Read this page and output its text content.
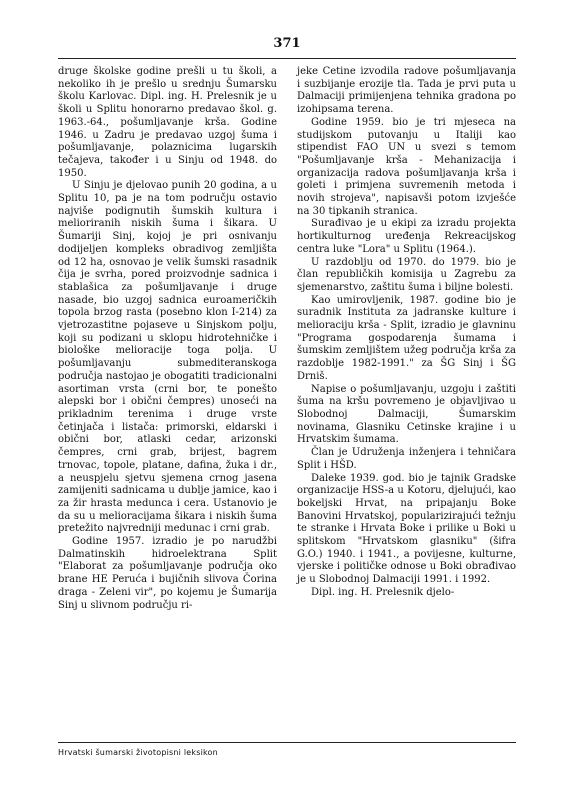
371

druge školske godine prešli u tu školi, a nekoliko ih je prešlo u srednju Šumarsku školu Karlovac. Dipl. ing. H. Prelesnik je u školi u Splitu honorarno predavao škol. g. 1963.-64., pošumljavanje krša. Godine 1946. u Zadru je predavao uzgoj šuma i pošumljavanje, polaznicima lugarskih tečajeva, također i u Sinju od 1948. do 1950.

U Sinju je djelovao punih 20 godina, a u Splitu 10, pa je na tom području ostavio najviše podignutih šumskih kultura i melioriranih niskih šuma i šikara. U Šumariji Sinj, kojoj je pri osnivanju dodijeljen kompleks obradivog zemljišta od 12 ha, osnovao je velik šumski rasadnik čija je svrha, pored proizvodnje sadnica i stablašica za pošumljavanje i druge nasade, bio uzgoj sadnica euroameričkih topola brzog rasta (posebno klon I-214) za vjetrozastitne pojaseve u Sinjskom polju, koji su podizani u sklopu hidrotehničke i biološke melioracije toga polja. U pošumljavanju submediteranskoga područja nastojao je obogatiti tradicionalni asortiman vrsta (crni bor, te ponešto alepski bor i obični čempres) unoseći na prikladnim terenima i druge vrste četinjača i listača: primorski, eldarski i obični bor, atlaski cedar, arizonski čempres, crni grab, brijest, bagrem trnovac, topole, platane, dafina, žuka i dr., a neuspjelu sjetvu sjemena crnog jasena zamijeniti sadnicama u dublje jamice, kao i za žir hrasta medunca i cera. Ustanovio je da su u melioracijama šikara i niskih šuma pretežito najvredniji medunac i crni grab.

Godine 1957. izradio je po narudžbi Dalmatinskih hidroelektrana Split "Elaborat za pošumljavanje područja oko brane HE Peruća i bujičnih slivova Čorina draga - Zeleni vir", po kojemu je Šumarija Sinj u slivnom području ri-

jeke Cetine izvodila radove pošumljavanja i suzbijanje erozije tla. Tada je prvi puta u Dalmaciji primijenjena tehnika gradona po izohipsama terena.

Godine 1959. bio je tri mjeseca na studijskom putovanju u Italiji kao stipendist FAO UN u svezi s temom "Pošumljavanje krša - Mehanizacija i organizacija radova pošumljavanja krša i goleti i primjena suvremenih metoda i novih strojeva", napisavši potom izvješće na 30 tipkanih stranica.

Surađivao je u ekipi za izradu projekta hortikulturnog uređenja Rekreacijskog centra luke "Lora" u Splitu (1964.).

U razdoblju od 1970. do 1979. bio je član republičkih komisija u Zagrebu za sjemenarstvo, zaštitu šuma i biljne bolesti.

Kao umirovljenik, 1987. godine bio je suradnik Instituta za jadranske kulture i melioraciju krša - Split, izradio je glavninu "Programa gospodarenja šumama i šumskim zemljištem užeg područja krša za razdoblje 1982-1991." za ŠG Sinj i ŠG Drniš.

Napise o pošumljavanju, uzgoju i zaštiti šuma na kršu povremeno je objavljivao u Slobodnoj Dalmaciji, Šumarskim novinama, Glasniku Cetinske krajine i u Hrvatskim šumama.

Član je Udruženja inženjera i tehničara Split i HŠD.

Daleke 1939. god. bio je tajnik Gradske organizacije HSS-a u Kotoru, djelujući, kao bokeljski Hrvat, na pripajanju Boke Banovini Hrvatskoj, popularizirajući težnju te stranke i Hrvata Boke i prilike u Boki u splitskom "Hrvatskom glasniku" (šifra G.O.) 1940. i 1941., a povijesne, kulturne, vjerske i političke odnose u Boki obrađivao je u Slobodnoj Dalmaciji 1991. i 1992.

Dipl. ing. H. Prelesnik djelo-

Hrvatski šumarski životopisni leksikon
